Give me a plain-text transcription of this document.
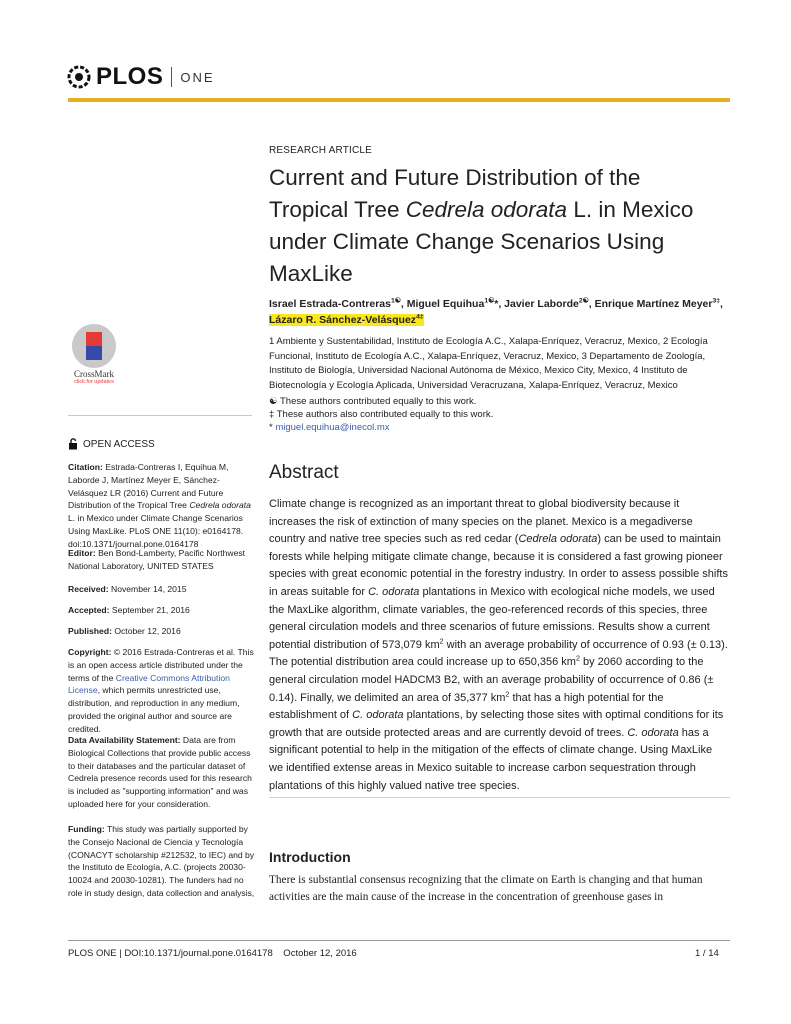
PLOS ONE
RESEARCH ARTICLE
Current and Future Distribution of the Tropical Tree Cedrela odorata L. in Mexico under Climate Change Scenarios Using MaxLike
Israel Estrada-Contreras$^{1☯}$, Miguel Equihua$^{1☯}$*, Javier Laborde$^{2☯}$, Enrique Martínez Meyer$^{3\ddagger}$, Lázaro R. Sánchez-Velásquez$^{4\ddagger}$
1 Ambiente y Sustentabilidad, Instituto de Ecología A.C., Xalapa-Enríquez, Veracruz, Mexico, 2 Ecología Funcional, Instituto de Ecología A.C., Xalapa-Enríquez, Veracruz, Mexico, 3 Departamento de Zoología, Instituto de Biología, Universidad Nacional Autónoma de México, Mexico City, Mexico, 4 Instituto de Biotecnología y Ecología Aplicada, Universidad Veracruzana, Xalapa-Enríquez, Veracruz, Mexico
☯ These authors contributed equally to this work.
‡ These authors also contributed equally to this work.
* miguel.equihua@inecol.mx
Abstract
Climate change is recognized as an important threat to global biodiversity because it increases the risk of extinction of many species on the planet. Mexico is a megadiverse country and native tree species such as red cedar (Cedrela odorata) can be used to maintain forests while helping mitigate climate change, because it is considered a fast growing pioneer species with great economic potential in the forestry industry. In order to assess possible shifts in areas suitable for C. odorata plantations in Mexico with ecological niche models, we used the MaxLike algorithm, climate variables, the geo-referenced records of this species, three general circulation models and three scenarios of future emissions. Results show a current potential distribution of 573,079 $km^2$ with an average probability of occurrence of 0.93 (± 0.13). The potential distribution area could increase up to 650,356 $km^2$ by 2060 according to the general circulation model HADCM3 B2, with an average probability of occurrence of 0.86 (± 0.14). Finally, we delimited an area of 35,377 $km^2$ that has a high potential for the establishment of C. odorata plantations, by selecting those sites with optimal conditions for its growth that are outside protected areas and are currently devoid of trees. C. odorata has a significant potential to help in the mitigation of the effects of climate change. Using MaxLike we identified extense areas in Mexico suitable to increase carbon sequestration through plantations of this highly valued native tree species.
Introduction
There is substantial consensus recognizing that the climate on Earth is changing and that human activities are the main cause of the increase in the concentration of greenhouse gases in
CrossMark
click for updates
OPEN ACCESS
Citation: Estrada-Contreras I, Equihua M, Laborde J, Martínez Meyer E, Sánchez-Velásquez LR (2016) Current and Future Distribution of the Tropical Tree Cedrela odorata L. in Mexico under Climate Change Scenarios Using MaxLike. PLoS ONE 11(10): e0164178. doi:10.1371/journal.pone.0164178
Editor: Ben Bond-Lamberty, Pacific Northwest National Laboratory, UNITED STATES
Received: November 14, 2015
Accepted: September 21, 2016
Published: October 12, 2016
Copyright: © 2016 Estrada-Contreras et al. This is an open access article distributed under the terms of the Creative Commons Attribution License, which permits unrestricted use, distribution, and reproduction in any medium, provided the original author and source are credited.
Data Availability Statement: Data are from Biological Collections that provide public access to their databases and the particular dataset of Cedrela presence records used for this research is included as "supporting information" and was uploaded here for your consideration.
Funding: This study was partially supported by the Consejo Nacional de Ciencia y Tecnología (CONACYT scholarship #212532, to IEC) and by the Instituto de Ecología, A.C. (projects 20030-10024 and 20030-10281). The funders had no role in study design, data collection and analysis,
PLOS ONE | DOI:10.1371/journal.pone.0164178    October 12, 2016	1 / 14
